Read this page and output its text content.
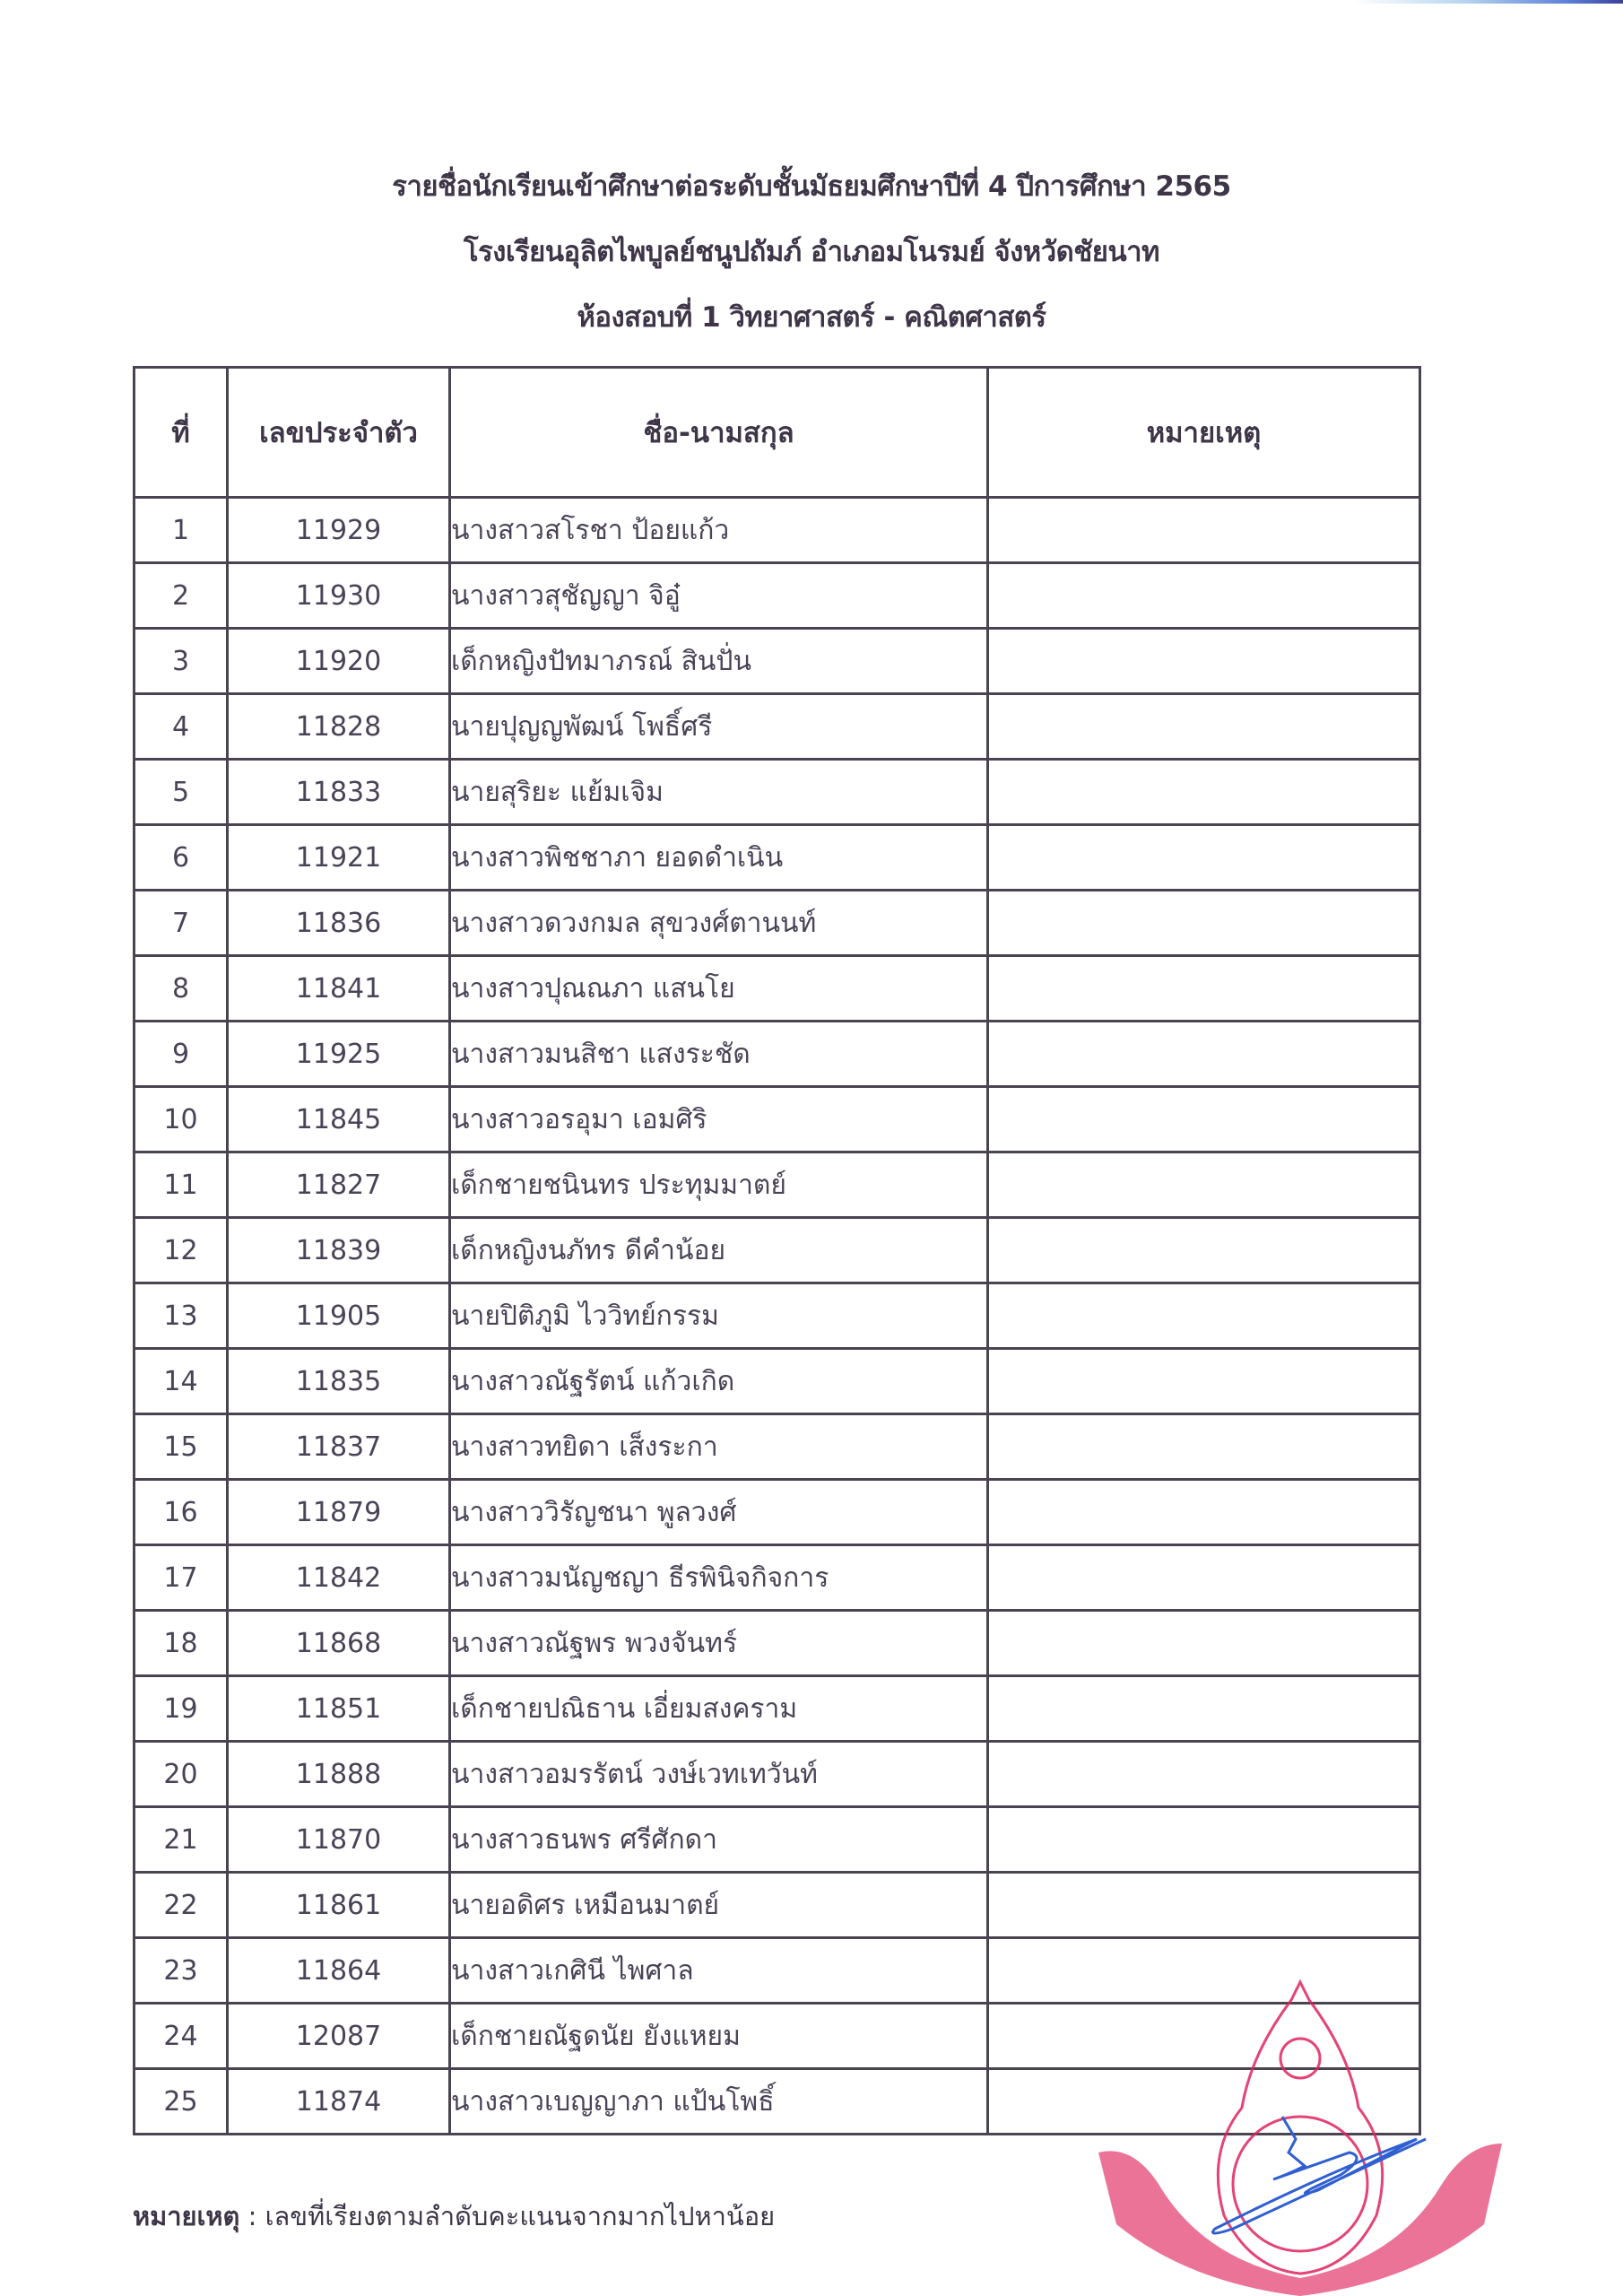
รายชื่อนักเรียนเข้าศึกษาต่อระดับชั้นมัธยมศึกษาปีที่ 4 ปีการศึกษา 2565
โรงเรียนอุลิตไพบูลย์ชนูปถัมภ์ อำเภอมโนรมย์ จังหวัดชัยนาท
ห้องสอบที่ 1 วิทยาศาสตร์ - คณิตศาสตร์
ที่	เลขประจำตัว	ชื่อ-นามสกุล	หมายเหตุ
1	11929	นางสาวสโรชา ป้อยแก้ว	
2	11930	นางสาวสุชัญญา จิอู๋	
3	11920	เด็กหญิงปัทมาภรณ์ สินปั่น	
4	11828	นายปุญญพัฒน์ โพธิ์ศรี	
5	11833	นายสุริยะ แย้มเจิม	
6	11921	นางสาวพิชชาภา ยอดดำเนิน	
7	11836	นางสาวดวงกมล สุขวงศ์ตานนท์	
8	11841	นางสาวปุณณภา แสนโย	
9	11925	นางสาวมนสิชา แสงระชัด	
10	11845	นางสาวอรอุมา เอมศิริ	
11	11827	เด็กชายชนินทร ประทุมมาตย์	
12	11839	เด็กหญิงนภัทร ดีคำน้อย	
13	11905	นายปิติภูมิ ไววิทย์กรรม	
14	11835	นางสาวณัฐรัตน์ แก้วเกิด	
15	11837	นางสาวทยิดา เส็งระกา	
16	11879	นางสาววิรัญชนา พูลวงศ์	
17	11842	นางสาวมนัญชญา ธีรพินิจกิจการ	
18	11868	นางสาวณัฐพร พวงจันทร์	
19	11851	เด็กชายปณิธาน เอี่ยมสงคราม	
20	11888	นางสาวอมรรัตน์ วงษ์เวทเทวันท์	
21	11870	นางสาวธนพร ศรีศักดา	
22	11861	นายอดิศร เหมือนมาตย์	
23	11864	นางสาวเกศินี ไพศาล	
24	12087	เด็กชายณัฐดนัย ยังแหยม	
25	11874	นางสาวเบญญาภา แป้นโพธิ์	
หมายเหตุ : เลขที่เรียงตามลำดับคะแนนจากมากไปหาน้อย
